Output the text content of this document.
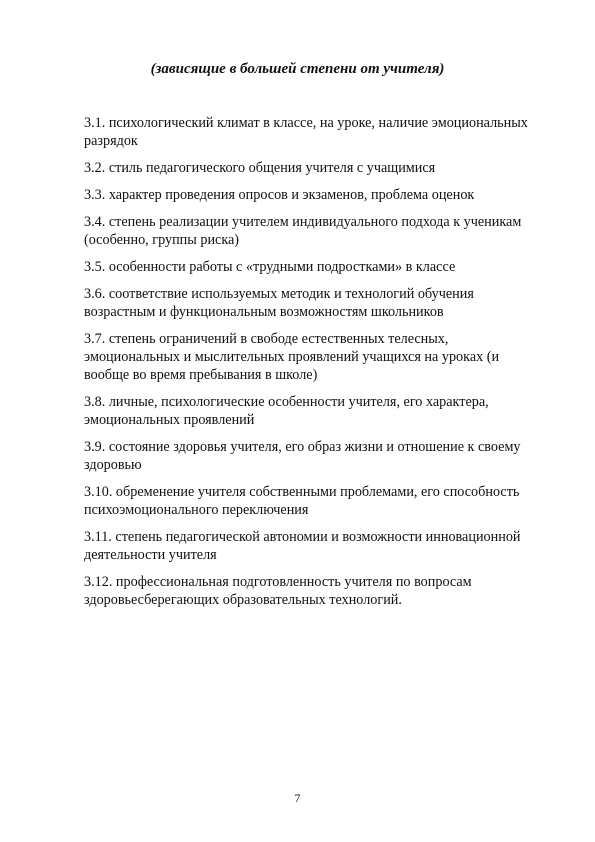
(зависящие в большей степени от учителя)
3.1. психологический климат в классе, на уроке, наличие эмоциональных разрядок
3.2. стиль педагогического общения учителя с учащимися
3.3. характер проведения опросов и экзаменов, проблема оценок
3.4. степень реализации учителем индивидуального подхода к ученикам (особенно, группы риска)
3.5. особенности работы с «трудными подростками» в классе
3.6. соответствие используемых методик и технологий обучения возрастным и функциональным возможностям школьников
3.7. степень ограничений в свободе естественных телесных, эмоциональных и мыслительных проявлений учащихся на уроках (и вообще во время пребывания в школе)
3.8. личные, психологические особенности учителя, его характера, эмоциональных проявлений
3.9. состояние здоровья учителя, его образ жизни и отношение к своему здоровью
3.10. обременение учителя собственными проблемами, его способность психоэмоционального переключения
3.11. степень педагогической автономии и возможности инновационной деятельности учителя
3.12. профессиональная подготовленность учителя по вопросам здоровьесберегающих образовательных технологий.
7
